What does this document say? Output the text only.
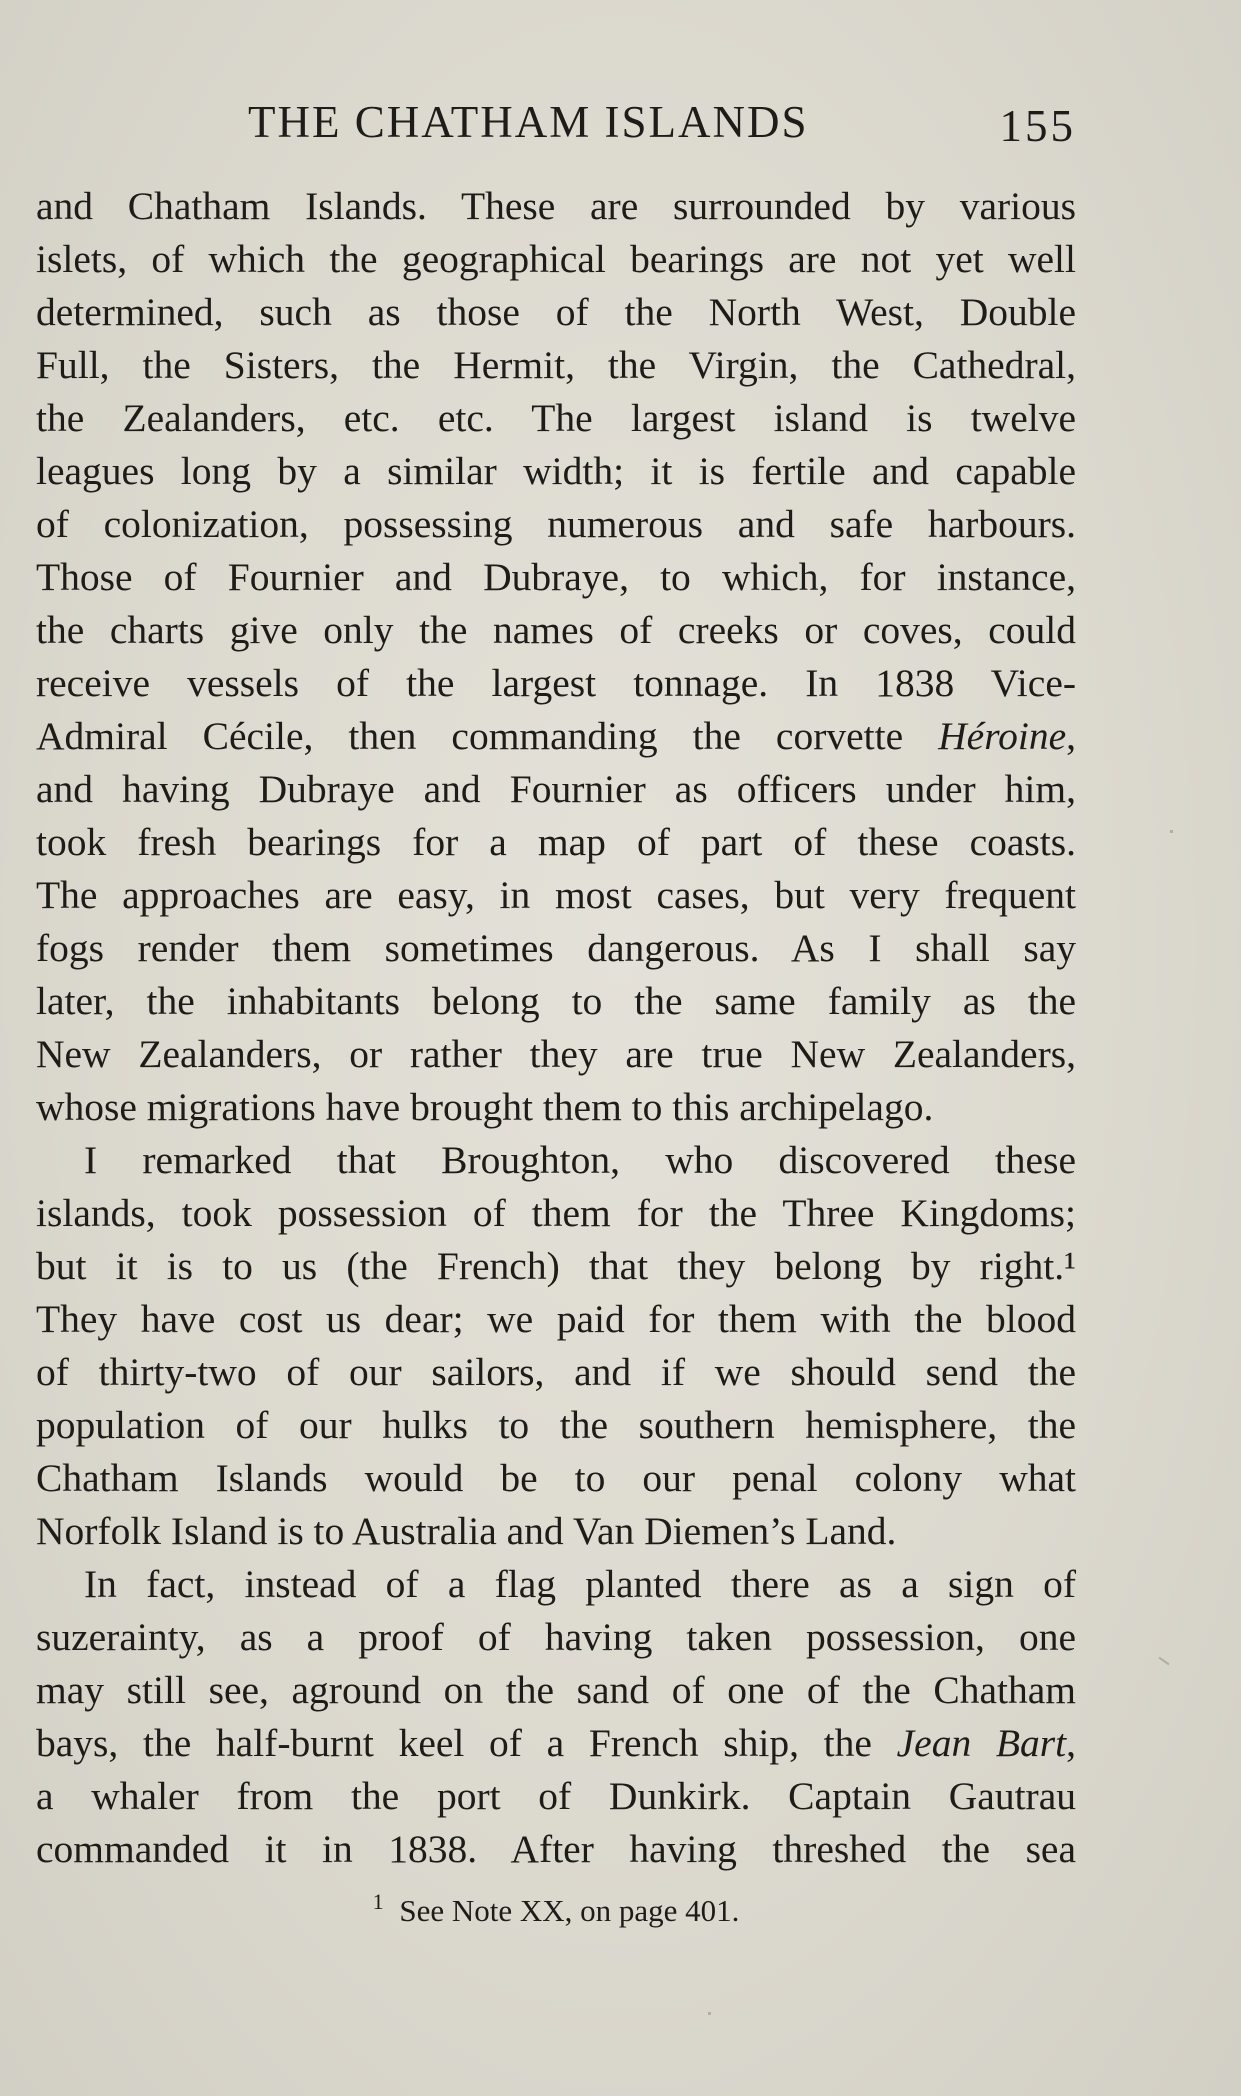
THE CHATHAM ISLANDS	155
and Chatham Islands. These are surrounded by various
islets, of which the geographical bearings are not yet well
determined, such as those of the North West, Double
Full, the Sisters, the Hermit, the Virgin, the Cathedral,
the Zealanders, etc. etc. The largest island is twelve
leagues long by a similar width; it is fertile and capable
of colonization, possessing numerous and safe harbours.
Those of Fournier and Dubraye, to which, for instance,
the charts give only the names of creeks or coves, could
receive vessels of the largest tonnage. In 1838 Vice-
Admiral Cécile, then commanding the corvette Héroine,
and having Dubraye and Fournier as officers under him,
took fresh bearings for a map of part of these coasts.
The approaches are easy, in most cases, but very frequent
fogs render them sometimes dangerous. As I shall say
later, the inhabitants belong to the same family as the
New Zealanders, or rather they are true New Zealanders,
whose migrations have brought them to this archipelago.
I remarked that Broughton, who discovered these
islands, took possession of them for the Three Kingdoms;
but it is to us (the French) that they belong by right.¹
They have cost us dear; we paid for them with the blood
of thirty-two of our sailors, and if we should send the
population of our hulks to the southern hemisphere, the
Chatham Islands would be to our penal colony what
Norfolk Island is to Australia and Van Diemen’s Land.
In fact, instead of a flag planted there as a sign of
suzerainty, as a proof of having taken possession, one
may still see, aground on the sand of one of the Chatham
bays, the half-burnt keel of a French ship, the Jean Bart,
a whaler from the port of Dunkirk. Captain Gautrau
commanded it in 1838. After having threshed the sea
$^1$ See Note XX, on page 401.
